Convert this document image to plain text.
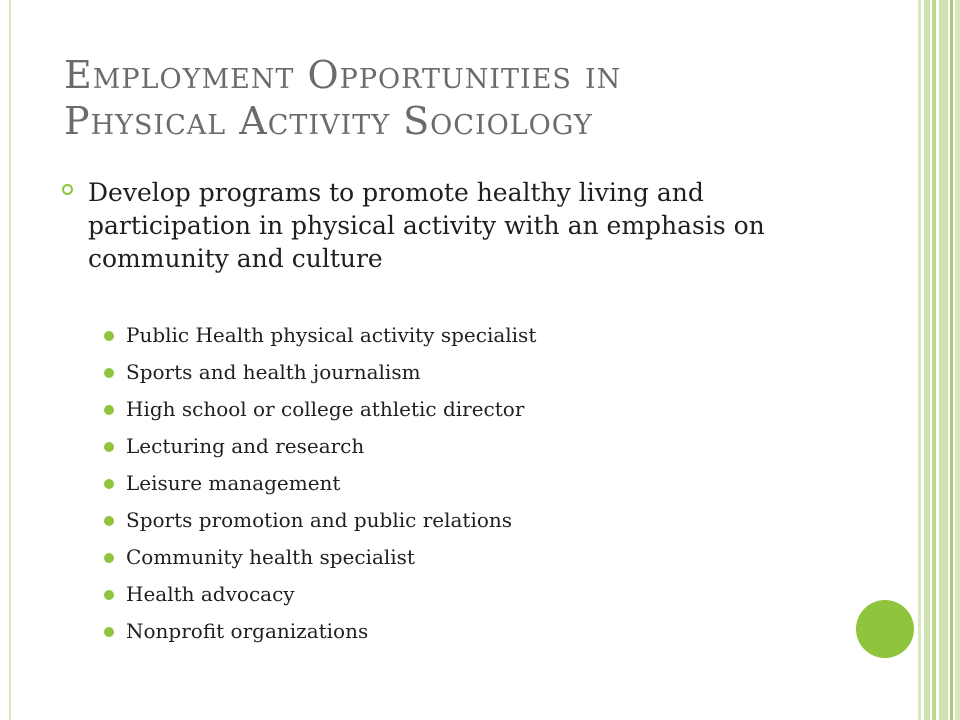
Employment Opportunities in
Physical Activity Sociology
Develop programs to promote healthy living and participation in physical activity with an emphasis on community and culture
Public Health physical activity specialist
Sports and health journalism
High school or college athletic director
Lecturing and research
Leisure management
Sports promotion and public relations
Community health specialist
Health advocacy
Nonprofit organizations
